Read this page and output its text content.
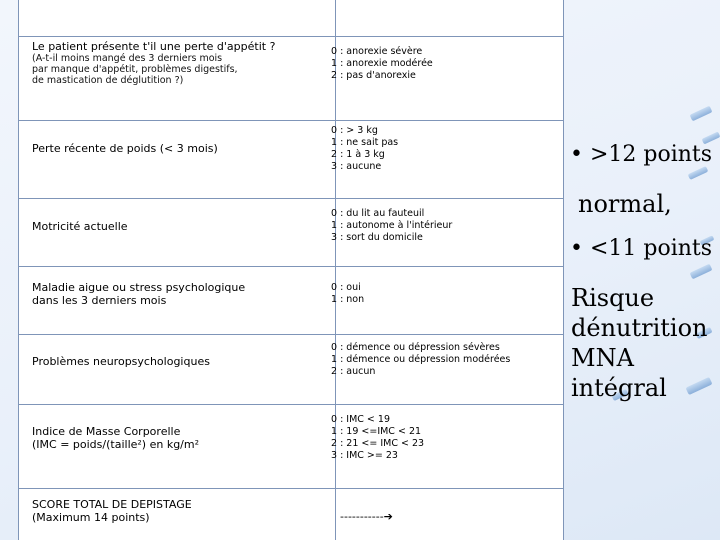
Le patient présente t'il une perte d'appétit ?
(A-t-il moins mangé des 3 derniers mois
par manque d'appétit, problèmes digestifs,
de mastication de déglutition ?)
0 : anorexie sévère
1 : anorexie modérée
2 : pas d'anorexie
Perte récente de poids (< 3 mois)
0 : > 3 kg
1 : ne sait pas
2 : 1 à 3 kg
3 : aucune
Motricité actuelle
0 : du lit au fauteuil
1 : autonome à l'intérieur
3 : sort du domicile
Maladie aigue ou stress psychologique
dans les 3 derniers mois
0 : oui
1 : non
Problèmes neuropsychologiques
0 : démence ou dépression sévères
1 : démence ou dépression modérées
2 : aucun
Indice de Masse Corporelle
(IMC = poids/(taille²) en kg/m²
0 : IMC < 19
1 : 19 <=IMC < 21
2 : 21 <= IMC < 23
3 : IMC >= 23
SCORE TOTAL DE DEPISTAGE
(Maximum 14 points)	-----------➔
• >12 points
normal,
• <11 points
Risque
dénutrition
MNA
intégral
